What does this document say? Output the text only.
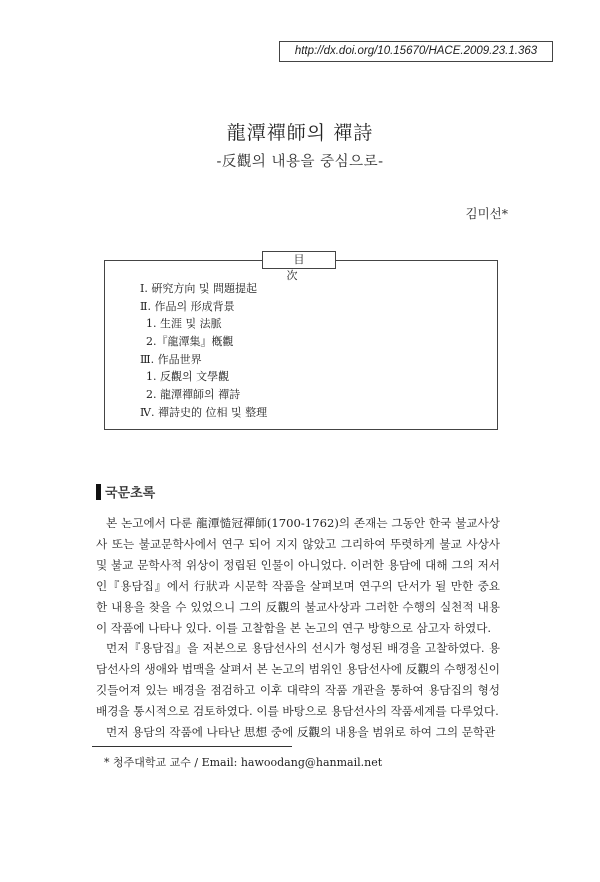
http://dx.doi.org/10.15670/HACE.2009.23.1.363
龍潭禪師의 禪詩
-反觀의 내용을 중심으로-
김미선*
目 次
Ⅰ. 硏究方向 및 問題提起
Ⅱ. 作品의 形成背景
1. 生涯 및 法脈
2.『龍潭集』槪觀
Ⅲ. 作品世界
1. 反觀의 文學觀
2. 龍潭禪師의 禪詩
Ⅳ. 禪詩史的 位相 및 整理
국문초록

본 논고에서 다룬 龍潭慥冠禪師(1700-1762)의 존재는 그동안 한국 불교사상사 또는 불교문학사에서 연구 되어 지지 않았고 그리하여 뚜렷하게 불교 사상사 및 불교 문학사적 위상이 정립된 인물이 아니었다. 이러한 용담에 대해 그의 저서인『용담집』에서 行狀과 시문학 작품을 살펴보며 연구의 단서가 될 만한 중요한 내용을 찾을 수 있었으니 그의 反觀의 불교사상과 그러한 수행의 실천적 내용이 작품에 나타나 있다. 이를 고찰함을 본 논고의 연구 방향으로 삼고자 하였다.

먼저『용담집』을 저본으로 용담선사의 선시가 형성된 배경을 고찰하였다. 용담선사의 생애와 법맥을 살펴서 본 논고의 범위인 용담선사에 反觀의 수행정신이 깃들어져 있는 배경을 점검하고 이후 대략의 작품 개관을 통하여 용담집의 형성배경을 통시적으로 검토하였다. 이를 바탕으로 용담선사의 작품세계를 다루었다.

먼저 용담의 작품에 나타난 思想 중에 反觀의 내용을 범위로 하여 그의 문학관

* 청주대학교 교수 / Email: hawoodang@hanmail.net
